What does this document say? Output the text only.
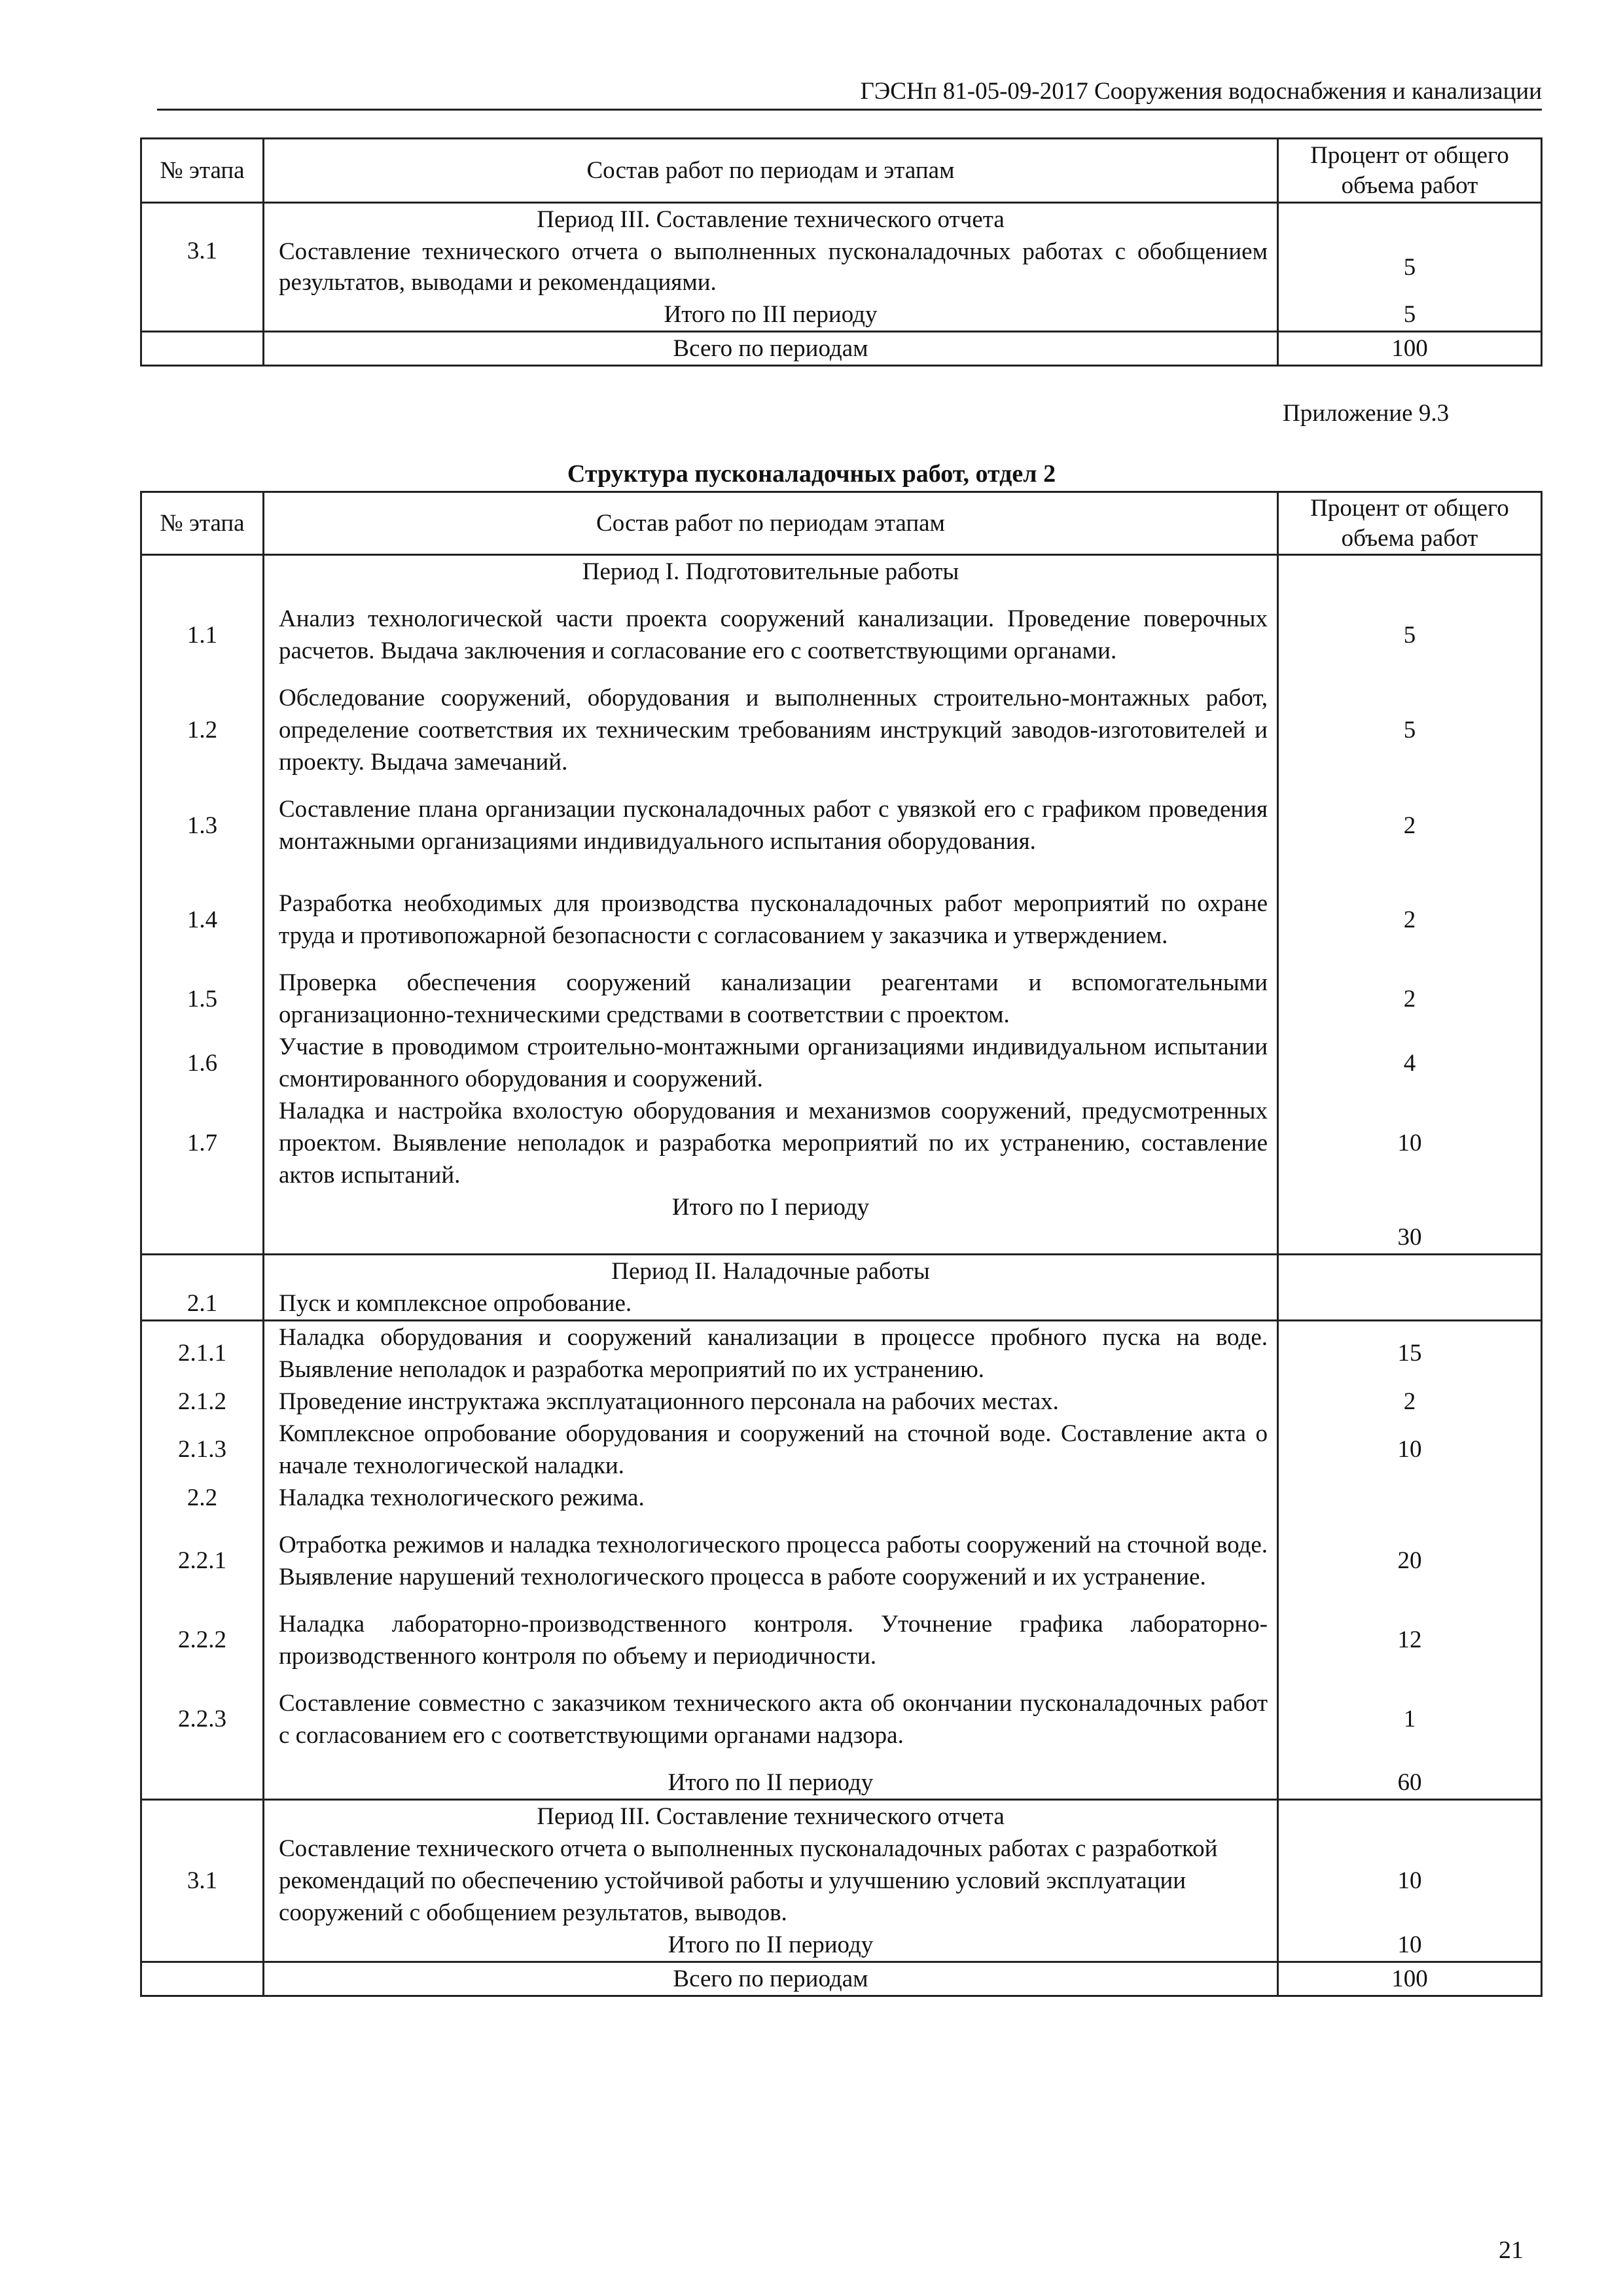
ГЭСНп 81-05-09-2017 Сооружения водоснабжения и канализации
№ этапа	Состав работ по периодам и этапам	Процент от общего объема работ
3.1	Период III. Составление технического отчета	
	Составление технического отчета о выполненных пусконаладочных работах с обобщением результатов, выводами и рекомендациями.	5
	Итого по III периоду	5
	Всего по периодам	100
Приложение 9.3
Структура пусконаладочных работ, отдел 2
№ этапа	Состав работ по периодам этапам	Процент от общего объема работ
	Период I. Подготовительные работы	
1.1	Анализ технологической части проекта сооружений канализации. Проведение поверочных расчетов. Выдача заключения и согласование его с соответствующими органами.	5
1.2	Обследование сооружений, оборудования и выполненных строительно-монтажных работ, определение соответствия их техническим требованиям инструкций заводов-изготовителей и проекту. Выдача замечаний.	5
1.3	Составление плана организации пусконаладочных работ с увязкой его с графиком проведения монтажными организациями индивидуального испытания оборудования.	2
1.4	Разработка необходимых для производства пусконаладочных работ мероприятий по охране труда и противопожарной безопасности с согласованием у заказчика и утверждением.	2
1.5	Проверка обеспечения сооружений канализации реагентами и вспомогательными организационно-техническими средствами в соответствии с проектом.	2
1.6	Участие в проводимом строительно-монтажными организациями индивидуальном испытании смонтированного оборудования и сооружений.	4
1.7	Наладка и настройка вхолостую оборудования и механизмов сооружений, предусмотренных проектом. Выявление неполадок и разработка мероприятий по их устранению, составление актов испытаний.	10
	Итого по I периоду	30
	Период II. Наладочные работы	
2.1	Пуск и комплексное опробование.	
2.1.1	Наладка оборудования и сооружений канализации в процессе пробного пуска на воде. Выявление неполадок и разработка мероприятий по их устранению.	15
2.1.2	Проведение инструктажа эксплуатационного персонала на рабочих местах.	2
2.1.3	Комплексное опробование оборудования и сооружений на сточной воде. Составление акта о начале технологической наладки.	10
2.2	Наладка технологического режима.	
2.2.1	Отработка режимов и наладка технологического процесса работы сооружений на сточной воде. Выявление нарушений технологического процесса в работе сооружений и их устранение.	20
2.2.2	Наладка лабораторно-производственного контроля. Уточнение графика лабораторно-производственного контроля по объему и периодичности.	12
2.2.3	Составление совместно с заказчиком технического акта об окончании пусконаладочных работ с согласованием его с соответствующими органами надзора.	1
	Итого по II периоду	60
	Период III. Составление технического отчета	
3.1	Составление технического отчета о выполненных пусконаладочных работах с разработкой рекомендаций по обеспечению устойчивой работы и улучшению условий эксплуатации сооружений с обобщением результатов, выводов.	10
	Итого по II периоду	10
	Всего по периодам	100
21
